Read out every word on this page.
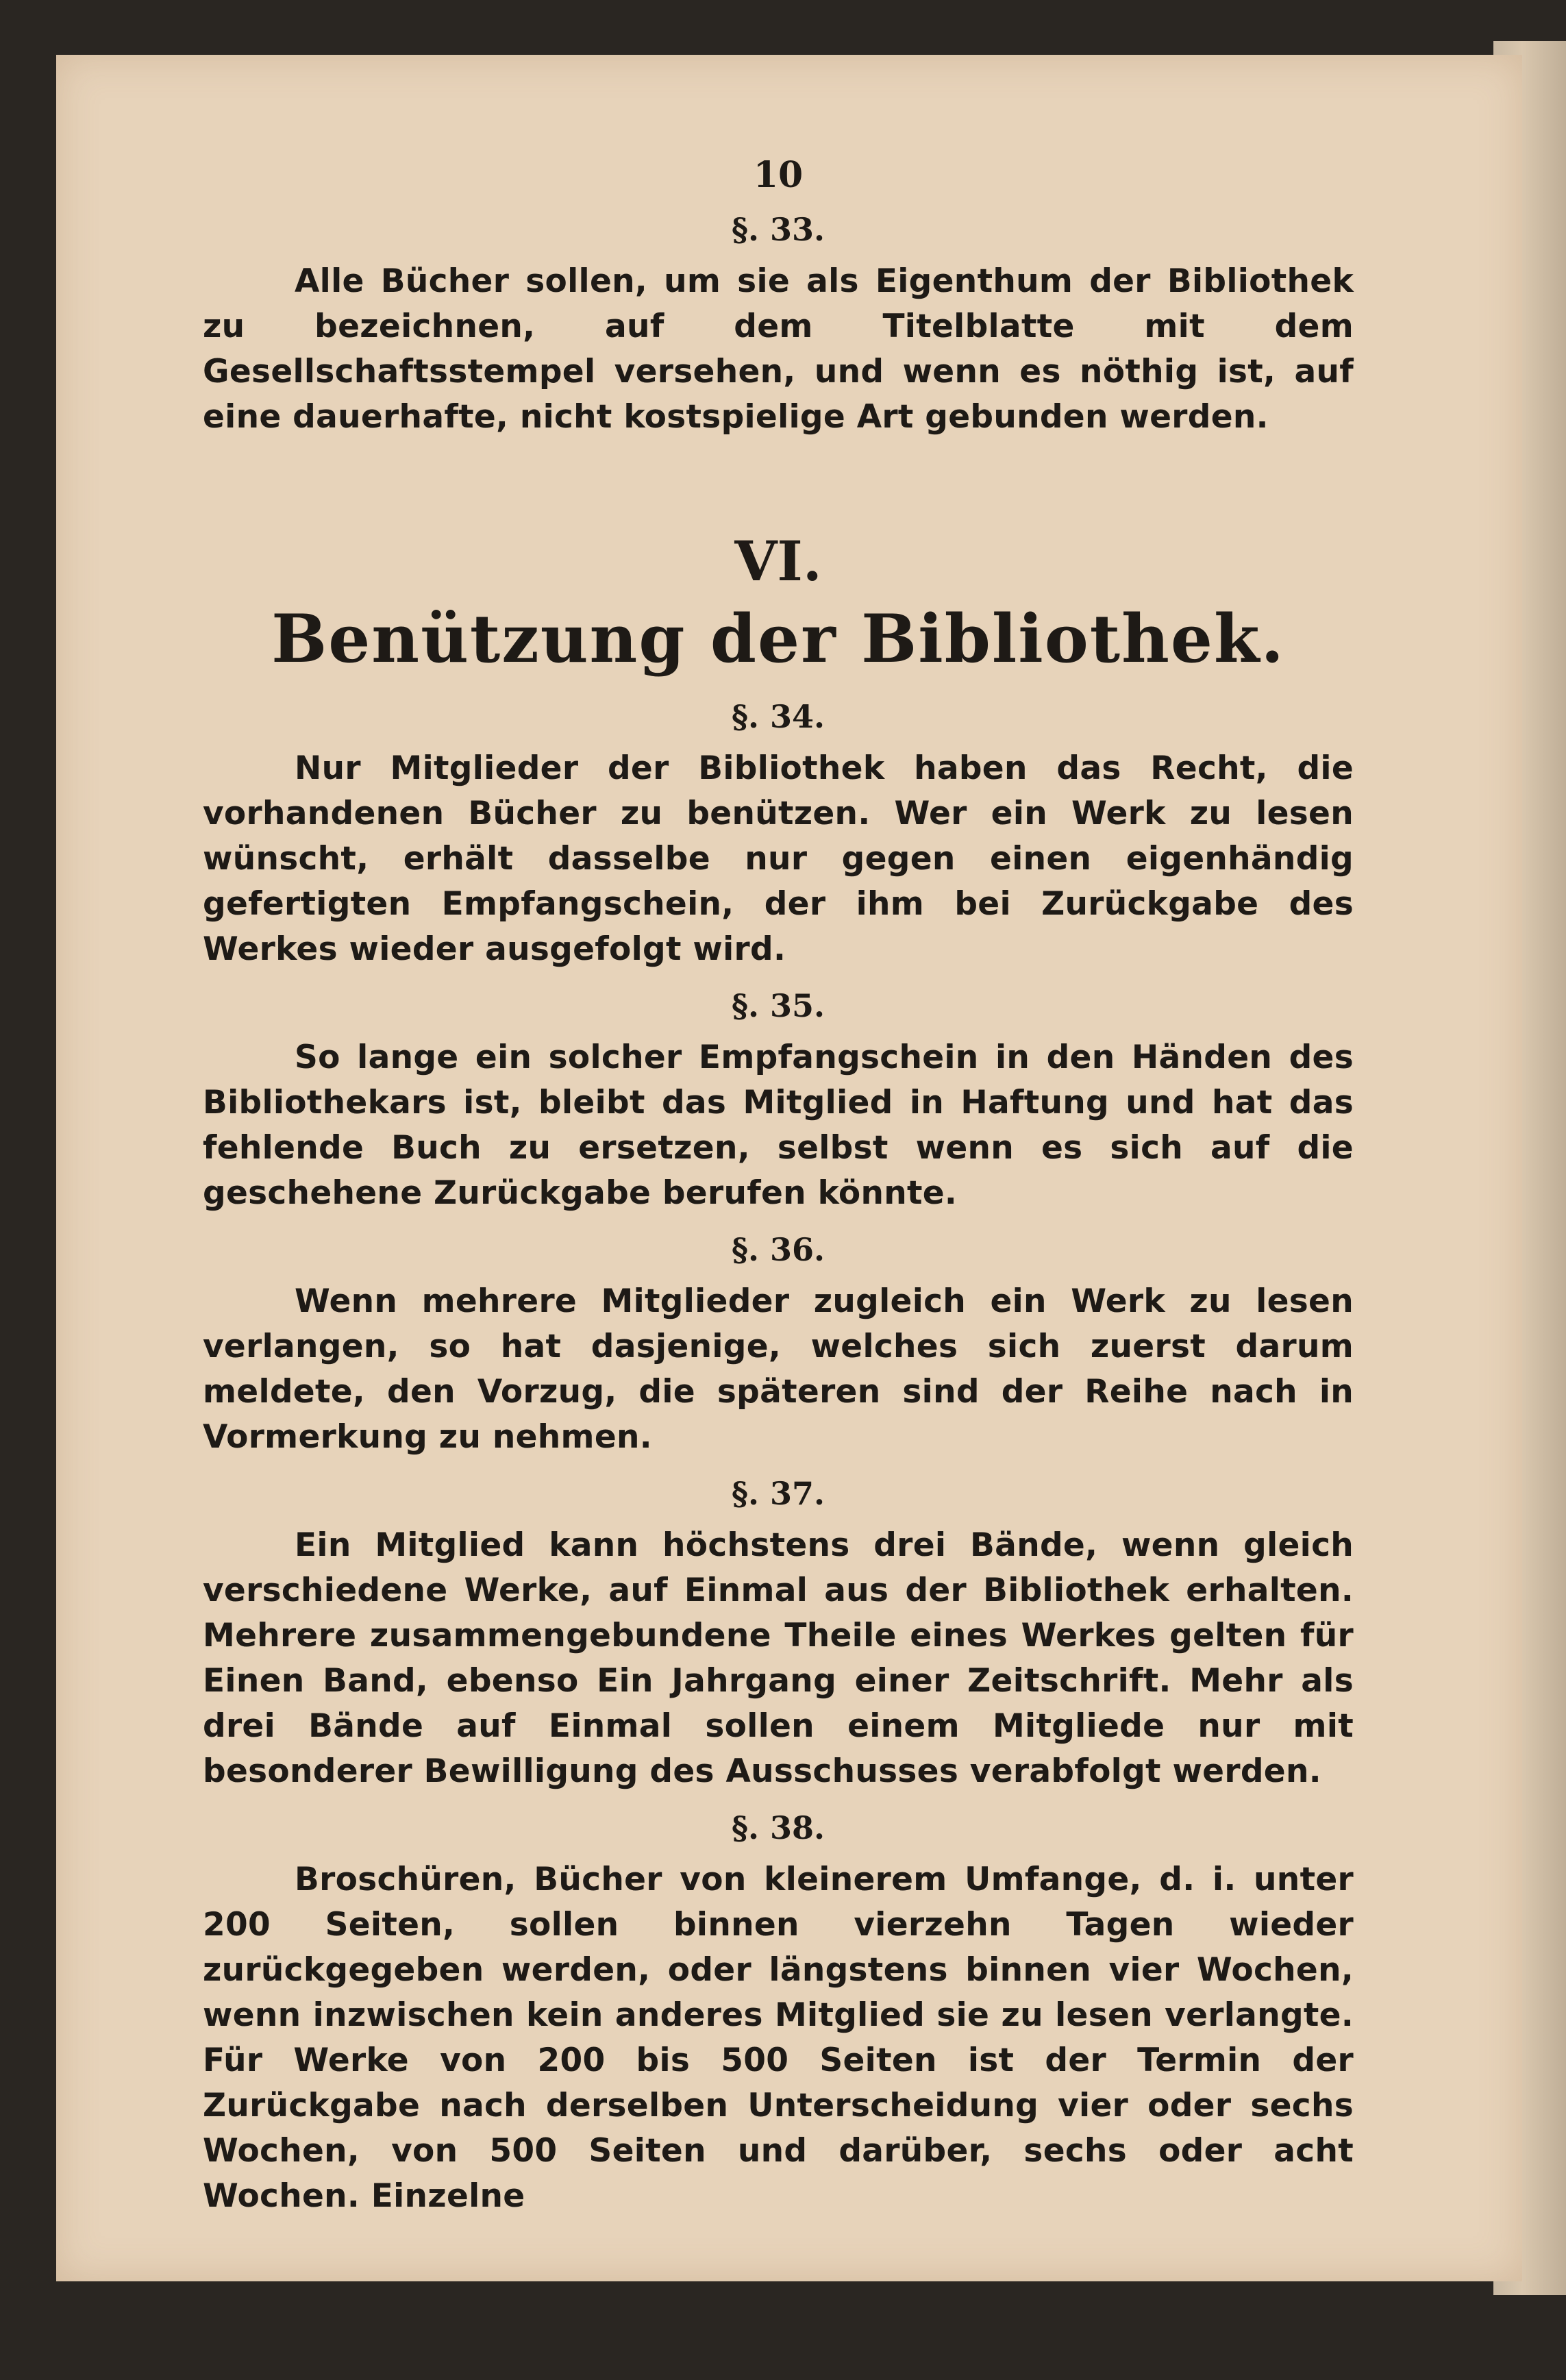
10
§. 33.

Alle Bücher sollen, um sie als Eigenthum der Bibliothek zu bezeichnen, auf dem Titelblatte mit dem Gesellschaftsstempel versehen, und wenn es nöthig ist, auf eine dauerhafte, nicht kostspielige Art gebunden werden.

VI.
Benützung der Bibliothek.
§. 34.

Nur Mitglieder der Bibliothek haben das Recht, die vorhandenen Bücher zu benützen. Wer ein Werk zu lesen wünscht, erhält dasselbe nur gegen einen eigenhändig gefertigten Empfangschein, der ihm bei Zurückgabe des Werkes wieder ausgefolgt wird.

§. 35.

So lange ein solcher Empfangschein in den Händen des Bibliothekars ist, bleibt das Mitglied in Haftung und hat das fehlende Buch zu ersetzen, selbst wenn es sich auf die geschehene Zurückgabe berufen könnte.

§. 36.

Wenn mehrere Mitglieder zugleich ein Werk zu lesen verlangen, so hat dasjenige, welches sich zuerst darum meldete, den Vorzug, die späteren sind der Reihe nach in Vormerkung zu nehmen.

§. 37.

Ein Mitglied kann höchstens drei Bände, wenn gleich verschiedene Werke, auf Einmal aus der Bibliothek erhalten. Mehrere zusammengebundene Theile eines Werkes gelten für Einen Band, ebenso Ein Jahrgang einer Zeitschrift. Mehr als drei Bände auf Einmal sollen einem Mitgliede nur mit besonderer Bewilligung des Ausschusses verabfolgt werden.

§. 38.

Broschüren, Bücher von kleinerem Umfange, d. i. unter 200 Seiten, sollen binnen vierzehn Tagen wieder zurückgegeben werden, oder längstens binnen vier Wochen, wenn inzwischen kein anderes Mitglied sie zu lesen verlangte. Für Werke von 200 bis 500 Seiten ist der Termin der Zurückgabe nach derselben Unterscheidung vier oder sechs Wochen, von 500 Seiten und darüber, sechs oder acht Wochen. Einzelne
